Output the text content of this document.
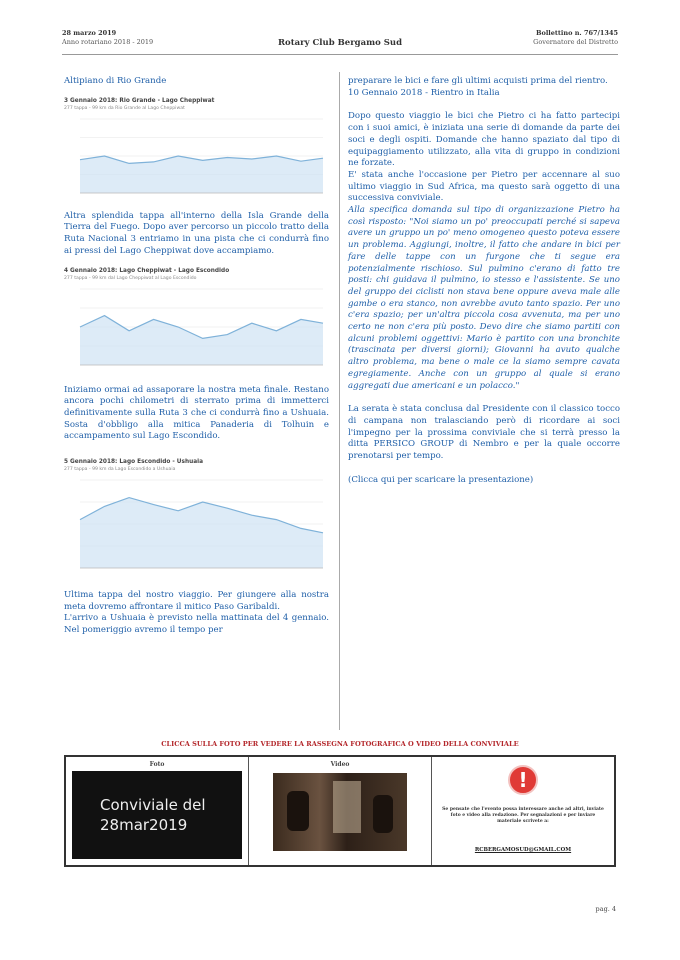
28 marzo 2019
Anno rotariano 2018 - 2019	Rotary Club Bergamo Sud
Bollettino n. 767/1345
Governatore del Distretto
Altipiano di Rio Grande
3 Gennaio 2018: Rio Grande - Lago Cheppiwat
277 tappa - 99 km da Rio Grande al Lago Cheppiwat
Altra splendida tappa all'interno della Isla Grande della Tierra del Fuego. Dopo aver percorso un piccolo tratto della Ruta Nacional 3 entriamo in una pista che ci condurrà fino ai pressi del Lago Cheppiwat dove accampiamo.
4 Gennaio 2018: Lago Cheppiwat - Lago Escondido
277 tappa - 99 km dal Lago Cheppiwat al Lago Escondido
Iniziamo ormai ad assaporare la nostra meta finale. Restano ancora pochi chilometri di sterrato prima di immetterci definitivamente sulla Ruta 3 che ci condurrà fino a Ushuaia. Sosta d'obbligo alla mitica Panaderia di Tolhuin e accampamento sul Lago Escondido.
5 Gennaio 2018: Lago Escondido - Ushuaia
277 tappa - 99 km da Lago Escondido a Ushuaia
Ultima tappa del nostro viaggio. Per giungere alla nostra meta dovremo affrontare il mitico Paso Garibaldi.
L'arrivo a Ushuaia è previsto nella mattinata del 4 gennaio. Nel pomeriggio avremo il tempo per
preparare le bici e fare gli ultimi acquisti prima del rientro.
10 Gennaio 2018 - Rientro in Italia
Dopo questo viaggio le bici che Pietro ci ha fatto partecipi con i suoi amici, è iniziata una serie di domande da parte dei soci e degli ospiti. Domande che hanno spaziato dal tipo di equipaggiamento utilizzato, alla vita di gruppo in condizioni ne forzate.
E' stata anche l'occasione per Pietro per accennare al suo ultimo viaggio in Sud Africa, ma questo sarà oggetto di una successiva conviviale.
Alla specifica domanda sul tipo di organizzazione Pietro ha così risposto: "Noi siamo un po' preoccupati perché si sapeva avere un gruppo un po' meno omogeneo questo poteva essere un problema. Aggiungi, inoltre, il fatto che andare in bici per fare delle tappe con un furgone che ti segue era potenzialmente rischioso. Sul pulmino c'erano di fatto tre posti: chi guidava il pulmino, io stesso e l'assistente. Se uno del gruppo dei ciclisti non stava bene oppure aveva male alle gambe o era stanco, non avrebbe avuto tanto spazio. Per uno c'era spazio; per un'altra piccola cosa avvenuta, ma per uno certo ne non c'era più posto. Devo dire che siamo partiti con alcuni problemi oggettivi: Mario è partito con una bronchite (trascinata per diversi giorni); Giovanni ha avuto qualche altro problema, ma bene o male ce la siamo sempre cavata egregiamente. Anche con un gruppo al quale si erano aggregati due americani e un polacco."
La serata è stata conclusa dal Presidente con il classico tocco di campana non tralasciando però di ricordare ai soci l'impegno per la prossima conviviale che si terrà presso la ditta PERSICO GROUP di Nembro e per la quale occorre prenotarsi per tempo.
(Clicca qui per scaricare la presentazione)
CLICCA SULLA FOTO PER VEDERE LA RASSEGNA FOTOGRAFICA O VIDEO DELLA CONVIVIALE
Foto
Conviviale del
28mar2019
Video
!
Se pensate che l'evento possa interessare anche ad altri, inviate foto e video alla redazione. Per segnalazioni e per inviare materiale scrivete a:
RCBERGAMOSUD@GMAIL.COM
pag. 4
